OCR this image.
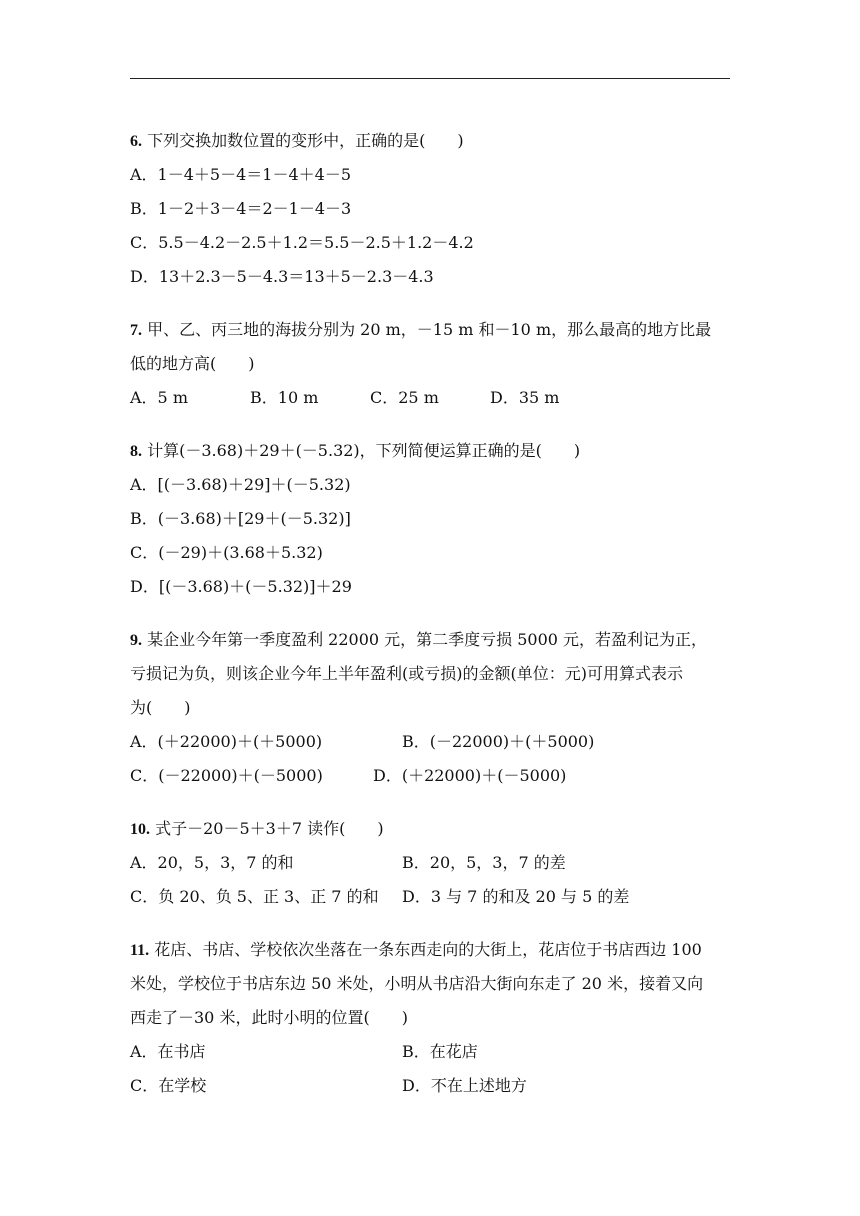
6. 下列交换加数位置的变形中，正确的是(　　)
A．1－4＋5－4＝1－4＋4－5
B．1－2＋3－4＝2－1－4－3
C．5.5－4.2－2.5＋1.2＝5.5－2.5＋1.2－4.2
D．13＋2.3－5－4.3＝13＋5－2.3－4.3
7. 甲、乙、丙三地的海拔分别为 20 m，－15 m 和－10 m，那么最高的地方比最
低的地方高(　　)
A．5 m	B．10 m	C．25 m	D．35 m
8. 计算(－3.68)＋29＋(－5.32)，下列简便运算正确的是(　　)
A．[(－3.68)＋29]＋(－5.32)
B．(－3.68)＋[29＋(－5.32)]
C．(－29)＋(3.68＋5.32)
D．[(－3.68)＋(－5.32)]＋29
9. 某企业今年第一季度盈利 22000 元，第二季度亏损 5000 元，若盈利记为正，
亏损记为负，则该企业今年上半年盈利(或亏损)的金额(单位：元)可用算式表示
为(　　)
A．(＋22000)＋(＋5000)	B．(－22000)＋(＋5000)
C．(－22000)＋(－5000)	D．(＋22000)＋(－5000)
10. 式子－20－5＋3＋7 读作(　　)
A．20，5，3，7 的和	B．20，5，3，7 的差
C．负 20、负 5、正 3、正 7 的和	D．3 与 7 的和及 20 与 5 的差
11. 花店、书店、学校依次坐落在一条东西走向的大街上，花店位于书店西边 100
米处，学校位于书店东边 50 米处，小明从书店沿大街向东走了 20 米，接着又向
西走了－30 米，此时小明的位置(　　)
A．在书店	B．在花店
C．在学校	D．不在上述地方
